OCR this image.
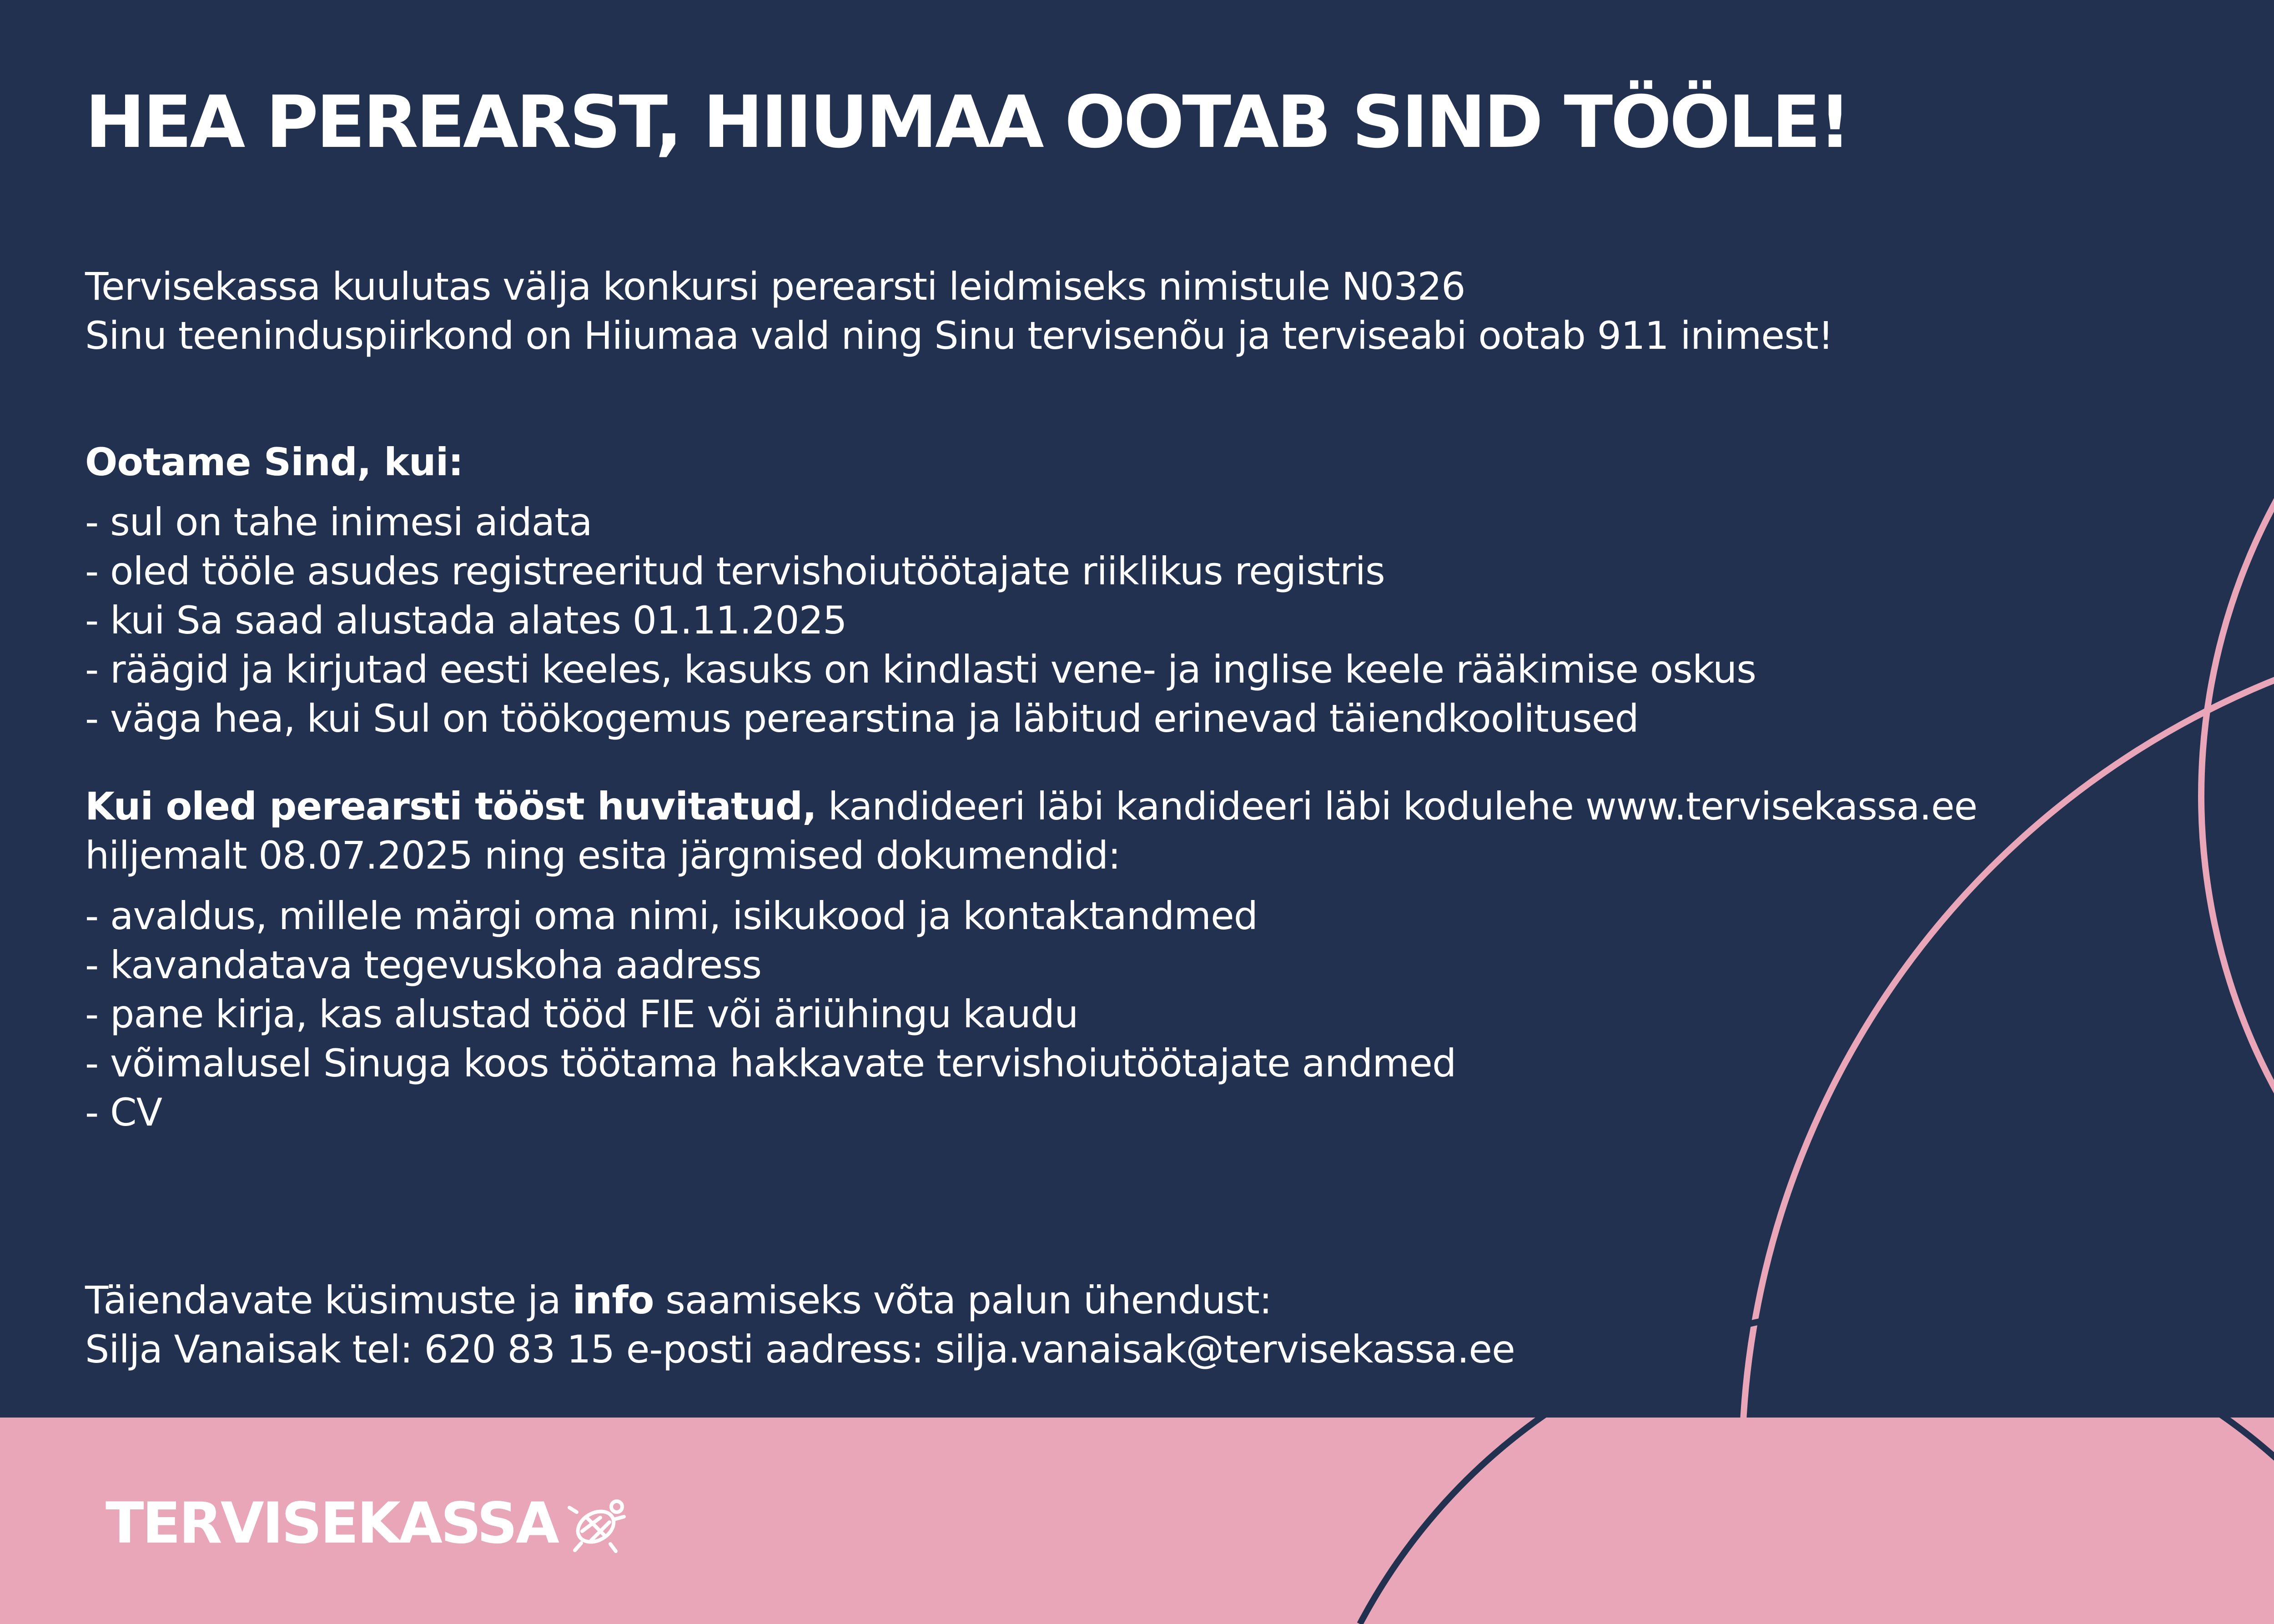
HEA PEREARST, HIIUMAA OOTAB SIND TÖÖLE!
Tervisekassa kuulutas välja konkursi perearsti leidmiseks nimistule N0326
Sinu teeninduspiirkond on Hiiumaa vald ning Sinu tervisenõu ja terviseabi ootab 911 inimest!
Ootame Sind, kui:
- sul on tahe inimesi aidata
- oled tööle asudes registreeritud tervishoiutöötajate riiklikus registris
- kui Sa saad alustada alates 01.11.2025
- räägid ja kirjutad eesti keeles, kasuks on kindlasti vene- ja inglise keele rääkimise oskus
- väga hea, kui Sul on töökogemus perearstina ja läbitud erinevad täiendkoolitused
Kui oled perearsti tööst huvitatud, kandideeri läbi kandideeri läbi kodulehe www.tervisekassa.ee
hiljemalt 08.07.2025 ning esita järgmised dokumendid:
- avaldus, millele märgi oma nimi, isikukood ja kontaktandmed
- kavandatava tegevuskoha aadress
- pane kirja, kas alustad tööd FIE või äriühingu kaudu
- võimalusel Sinuga koos töötama hakkavate tervishoiutöötajate andmed
- CV
Täiendavate küsimuste ja info saamiseks võta palun ühendust:
Silja Vanaisak tel: 620 83 15 e-posti aadress: silja.vanaisak@tervisekassa.ee
TERVISEKASSA
